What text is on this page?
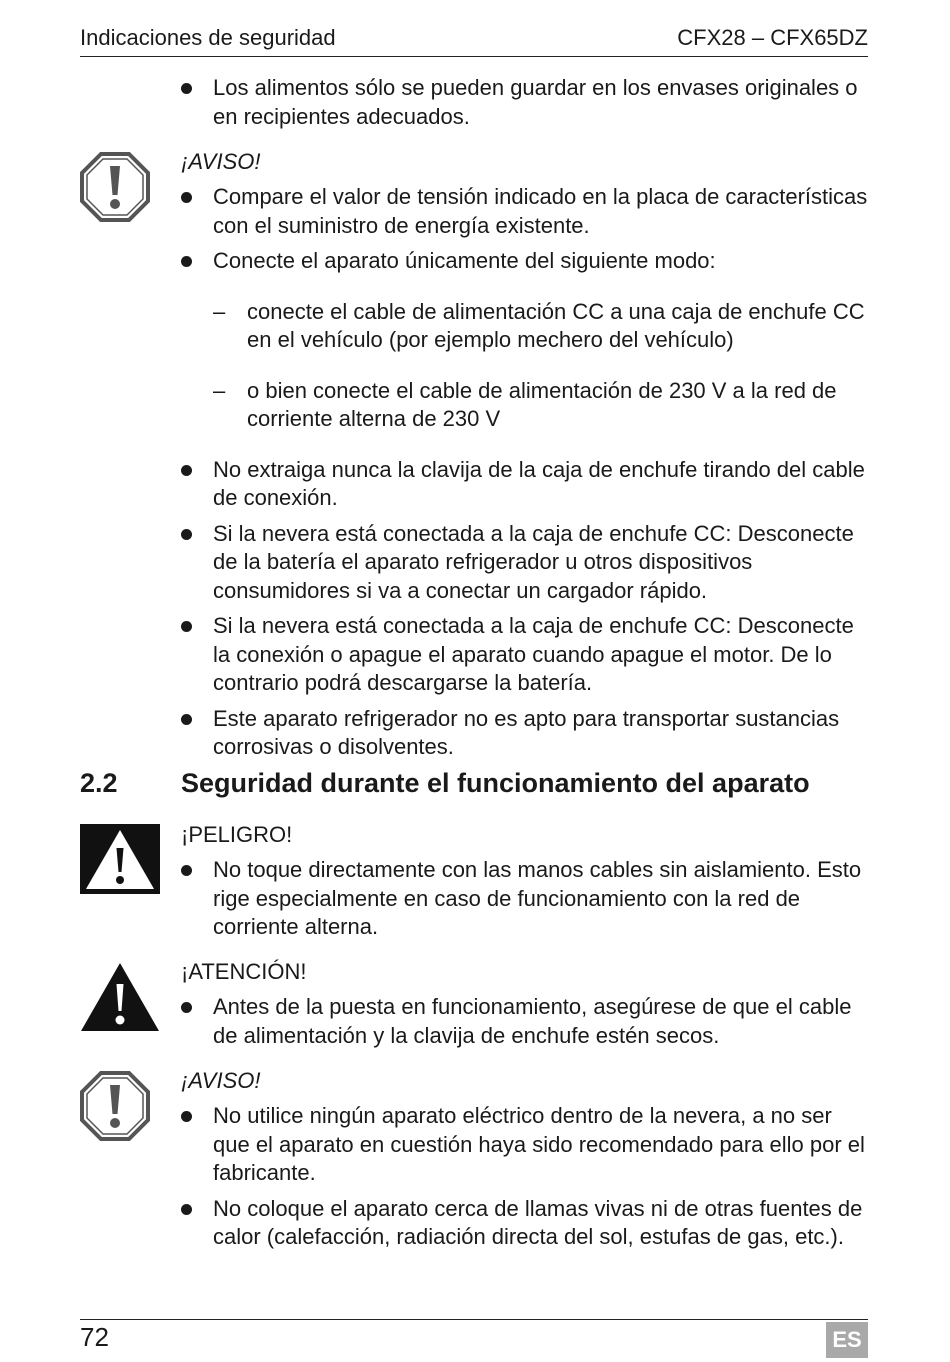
Indicaciones de seguridad	CFX28 – CFX65DZ

Los alimentos sólo se pueden guardar en los envases originales o en recipientes adecuados.

¡AVISO!

Compare el valor de tensión indicado en la placa de características con el suministro de energía existente.

Conecte el aparato únicamente del siguiente modo:

– conecte el cable de alimentación CC a una caja de enchufe CC en el vehículo (por ejemplo mechero del vehículo)

– o bien conecte el cable de alimentación de 230 V a la red de corriente alterna de 230 V

No extraiga nunca la clavija de la caja de enchufe tirando del cable de conexión.

Si la nevera está conectada a la caja de enchufe CC: Desconecte de la batería el aparato refrigerador u otros dispositivos consumidores si va a conectar un cargador rápido.

Si la nevera está conectada a la caja de enchufe CC: Desconecte la conexión o apague el aparato cuando apague el motor. De lo contrario podrá descargarse la batería.

Este aparato refrigerador no es apto para transportar sustancias corrosivas o disolventes.

2.2 Seguridad durante el funcionamiento del aparato
¡PELIGRO!

No toque directamente con las manos cables sin aislamiento. Esto rige especialmente en caso de funcionamiento con la red de corriente alterna.

¡ATENCIÓN!

Antes de la puesta en funcionamiento, asegúrese de que el cable de alimentación y la clavija de enchufe estén secos.

¡AVISO!

No utilice ningún aparato eléctrico dentro de la nevera, a no ser que el aparato en cuestión haya sido recomendado para ello por el fabricante.

No coloque el aparato cerca de llamas vivas ni de otras fuentes de calor (calefacción, radiación directa del sol, estufas de gas, etc.).

72	ES
